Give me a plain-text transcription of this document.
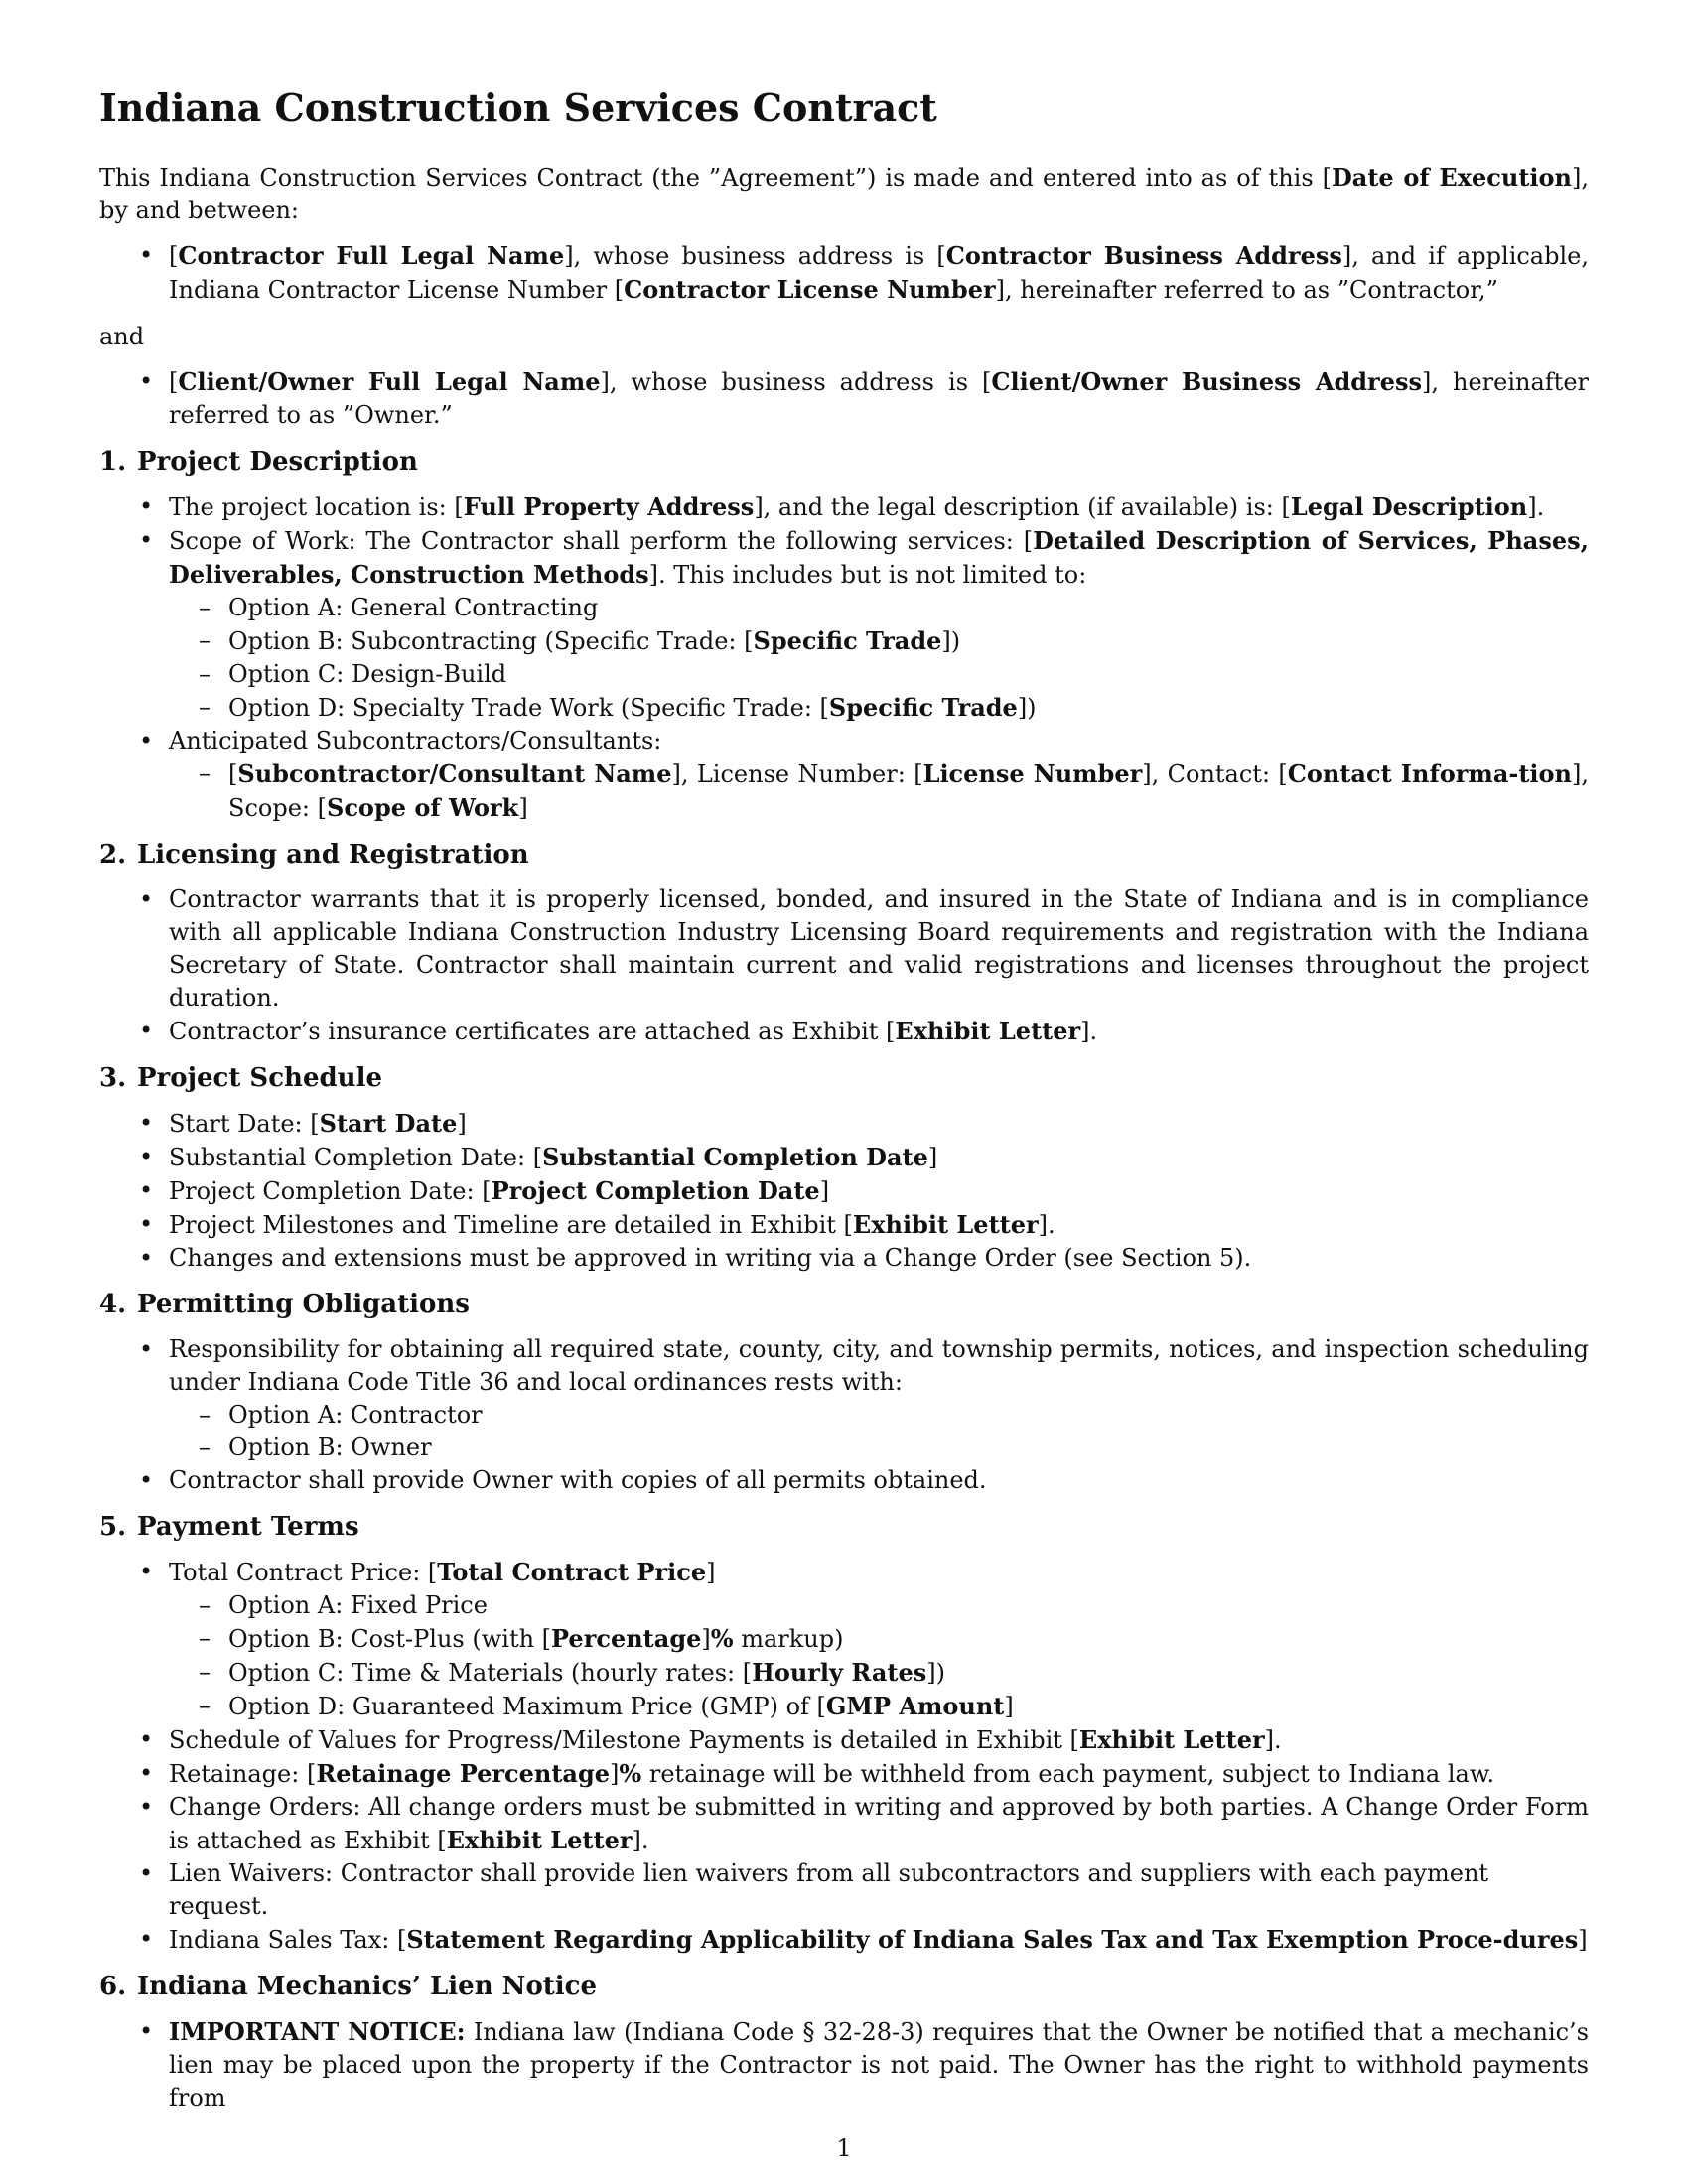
Indiana Construction Services Contract

This Indiana Construction Services Contract (the ”Agreement”) is made and entered into as of this [Date of Execution], by and between:

• [Contractor Full Legal Name], whose business address is [Contractor Business Address], and if applicable, Indiana Contractor License Number [Contractor License Number], hereinafter referred to as ”Contractor,”

and

• [Client/Owner Full Legal Name], whose business address is [Client/Owner Business Address], hereinafter referred to as ”Owner.”
1. Project Description
• The project location is: [Full Property Address], and the legal description (if available) is: [Legal Description].
• Scope of Work: The Contractor shall perform the following services: [Detailed Description of Services, Phases, Deliverables, Construction Methods]. This includes but is not limited to:
– Option A: General Contracting
– Option B: Subcontracting (Specific Trade: [Specific Trade])
– Option C: Design-Build
– Option D: Specialty Trade Work (Specific Trade: [Specific Trade])
• Anticipated Subcontractors/Consultants:
– [Subcontractor/Consultant Name], License Number: [License Number], Contact: [Contact Informa-tion], Scope: [Scope of Work]
2. Licensing and Registration
• Contractor warrants that it is properly licensed, bonded, and insured in the State of Indiana and is in compliance with all applicable Indiana Construction Industry Licensing Board requirements and registration with the Indiana Secretary of State. Contractor shall maintain current and valid registrations and licenses throughout the project duration.
• Contractor’s insurance certificates are attached as Exhibit [Exhibit Letter].
3. Project Schedule
• Start Date: [Start Date]
• Substantial Completion Date: [Substantial Completion Date]
• Project Completion Date: [Project Completion Date]
• Project Milestones and Timeline are detailed in Exhibit [Exhibit Letter].
• Changes and extensions must be approved in writing via a Change Order (see Section 5).
4. Permitting Obligations
• Responsibility for obtaining all required state, county, city, and township permits, notices, and inspection scheduling under Indiana Code Title 36 and local ordinances rests with:
– Option A: Contractor
– Option B: Owner
• Contractor shall provide Owner with copies of all permits obtained.
5. Payment Terms
• Total Contract Price: [Total Contract Price]
– Option A: Fixed Price
– Option B: Cost-Plus (with [Percentage]% markup)
– Option C: Time & Materials (hourly rates: [Hourly Rates])
– Option D: Guaranteed Maximum Price (GMP) of [GMP Amount]
• Schedule of Values for Progress/Milestone Payments is detailed in Exhibit [Exhibit Letter].
• Retainage: [Retainage Percentage]% retainage will be withheld from each payment, subject to Indiana law.
• Change Orders: All change orders must be submitted in writing and approved by both parties. A Change Order Form is attached as Exhibit [Exhibit Letter].
• Lien Waivers: Contractor shall provide lien waivers from all subcontractors and suppliers with each payment request.
• Indiana Sales Tax: [Statement Regarding Applicability of Indiana Sales Tax and Tax Exemption Proce-dures]
6. Indiana Mechanics’ Lien Notice
• IMPORTANT NOTICE: Indiana law (Indiana Code § 32-28-3) requires that the Owner be notified that a mechanic’s lien may be placed upon the property if the Contractor is not paid. The Owner has the right to withhold payments from
1
